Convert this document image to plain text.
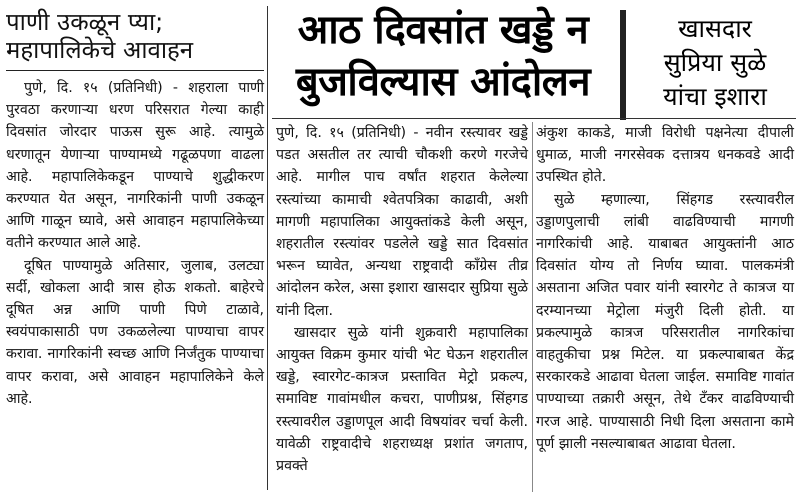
पाणी उकळून प्या;
महापालिकेचे आवाहन

पुणे, दि. १५ (प्रतिनिधी) - शहराला पाणी पुरवठा करणाऱ्या धरण परिसरात गेल्या काही दिवसांत जोरदार पाऊस सुरू आहे. त्यामुळे धरणातून येणाऱ्या पाण्यामध्ये गढूळपणा वाढला आहे. महापालिकेकडून पाण्याचे शुद्धीकरण करण्यात येत असून, नागरिकांनी पाणी उकळून आणि गाळून घ्यावे, असे आवाहन महापालिकेच्या वतीने करण्यात आले आहे.

दूषित पाण्यामुळे अतिसार, जुलाब, उलट्या सर्दी, खोकला आदी त्रास होऊ शकतो. बाहेरचे दूषित अन्न आणि पाणी पिणे टाळावे, स्वयंपाकासाठी पण उकळलेल्या पाण्याचा वापर करावा. नागरिकांनी स्वच्छ आणि निर्जंतुक पाण्याचा वापर करावा, असे आवाहन महापालिकेने केले आहे.

आठ दिवसांत खड्डे न
बुजविल्यास आंदोलन
खासदार
सुप्रिया सुळे
यांचा इशारा

पुणे, दि. १५ (प्रतिनिधी) - नवीन रस्त्यावर खड्डे पडत असतील तर त्याची चौकशी करणे गरजेचे आहे. मागील पाच वर्षांत शहरात केलेल्या रस्त्यांच्या कामाची श्वेतपत्रिका काढावी, अशी मागणी महापालिका आयुक्तांकडे केली असून, शहरातील रस्त्यांवर पडलेले खड्डे सात दिवसांत भरून घ्यावेत, अन्यथा राष्ट्रवादी काँग्रेस तीव्र आंदोलन करेल, असा इशारा खासदार सुप्रिया सुळे यांनी दिला.

खासदार सुळे यांनी शुक्रवारी महापालिका आयुक्त विक्रम कुमार यांची भेट घेऊन शहरातील खड्डे, स्वारगेट-कात्रज प्रस्तावित मेट्रो प्रकल्प, समाविष्ट गावांमधील कचरा, पाणीप्रश्न, सिंहगड रस्त्यावरील उड्डाणपूल आदी विषयांवर चर्चा केली. यावेळी राष्ट्रवादीचे शहराध्यक्ष प्रशांत जगताप, प्रवक्ते

अंकुश काकडे, माजी विरोधी पक्षनेत्या दीपाली धुमाळ, माजी नगरसेवक दत्तात्रय धनकवडे आदी उपस्थित होते.

सुळे म्हणाल्या, सिंहगड रस्त्यावरील उड्डाणपुलाची लांबी वाढविण्याची मागणी नागरिकांची आहे. याबाबत आयुक्तांनी आठ दिवसांत योग्य तो निर्णय घ्यावा. पालकमंत्री असताना अजित पवार यांनी स्वारगेट ते कात्रज या दरम्यानच्या मेट्रोला मंजुरी दिली होती. या प्रकल्पामुळे कात्रज परिसरातील नागरिकांचा वाहतुकीचा प्रश्न मिटेल. या प्रकल्पाबाबत केंद्र सरकारकडे आढावा घेतला जाईल. समाविष्ट गावांत पाण्याच्या तक्रारी असून, तेथे टँकर वाढविण्याची गरज आहे. पाण्यासाठी निधी दिला असताना कामे पूर्ण झाली नसल्याबाबत आढावा घेतला.
